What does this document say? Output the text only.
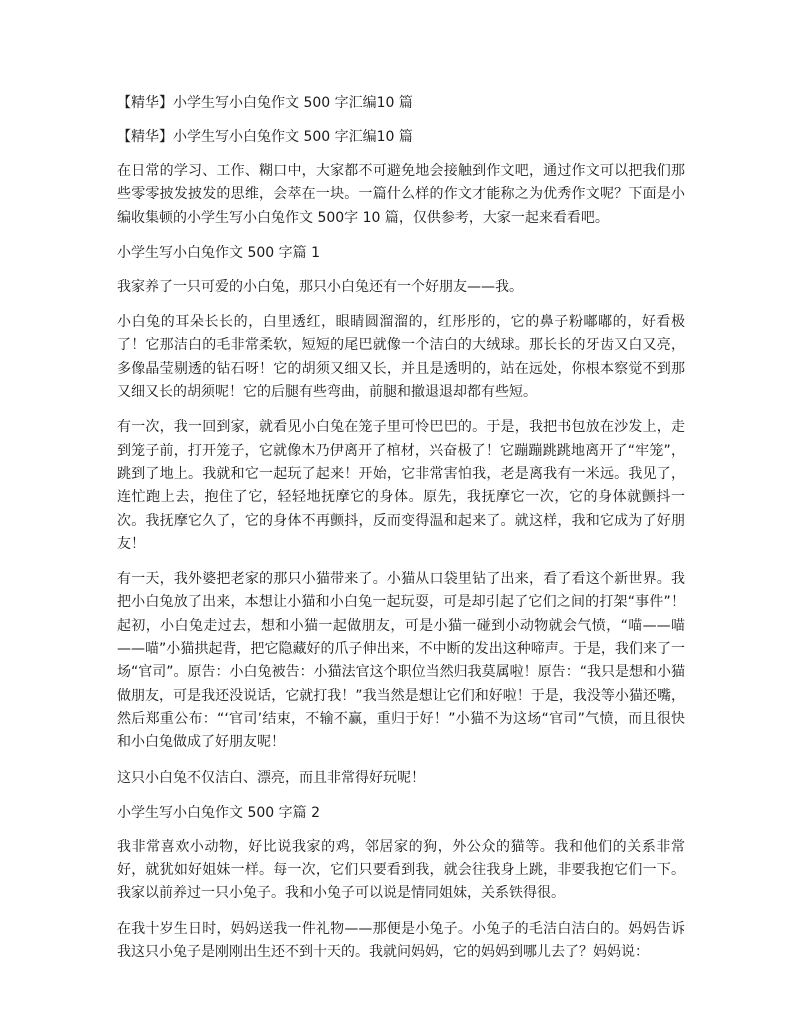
【精华】小学生写小白兔作文 500 字汇编10 篇
【精华】小学生写小白兔作文 500 字汇编10 篇

在日常的学习、工作、糊口中，大家都不可避免地会接触到作文吧，通过作文可以把我们那些零零披发披发的思维，会萃在一块。一篇什么样的作文才能称之为优秀作文呢？下面是小编收集顿的小学生写小白兔作文 500字 10 篇，仅供参考，大家一起来看看吧。

小学生写小白兔作文 500 字篇 1

我家养了一只可爱的小白兔，那只小白兔还有一个好朋友——我。

小白兔的耳朵长长的，白里透红，眼睛圆溜溜的，红彤彤的，它的鼻子粉嘟嘟的，好看极了！它那洁白的毛非常柔软，短短的尾巴就像一个洁白的大绒球。那长长的牙齿又白又亮，多像晶莹剔透的钻石呀！它的胡须又细又长，并且是透明的，站在远处，你根本察觉不到那又细又长的胡须呢！它的后腿有些弯曲，前腿和撤退退却都有些短。

有一次，我一回到家，就看见小白兔在笼子里可怜巴巴的。于是，我把书包放在沙发上，走到笼子前，打开笼子，它就像木乃伊离开了棺材，兴奋极了！它蹦蹦跳跳地离开了“牢笼”，跳到了地上。我就和它一起玩了起来！开始，它非常害怕我，老是离我有一米远。我见了，连忙跑上去，抱住了它，轻轻地抚摩它的身体。原先，我抚摩它一次，它的身体就颤抖一次。我抚摩它久了，它的身体不再颤抖，反而变得温和起来了。就这样，我和它成为了好朋友！

有一天，我外婆把老家的那只小猫带来了。小猫从口袋里钻了出来，看了看这个新世界。我把小白兔放了出来，本想让小猫和小白兔一起玩耍，可是却引起了它们之间的打架“事件”！起初，小白兔走过去，想和小猫一起做朋友，可是小猫一碰到小动物就会气愤，“喵——喵——喵”小猫拱起背，把它隐藏好的爪子伸出来，不中断的发出这种啼声。于是，我们来了一场“官司”。原告：小白兔被告：小猫法官这个职位当然归我莫属啦！原告：“我只是想和小猫做朋友，可是我还没说话，它就打我！”我当然是想让它们和好啦！于是，我没等小猫还嘴，然后郑重公布：“‘官司’结束，不输不赢，重归于好！”小猫不为这场“官司”气愤，而且很快和小白兔做成了好朋友呢！

这只小白兔不仅洁白、漂亮，而且非常得好玩呢！

小学生写小白兔作文 500 字篇 2

我非常喜欢小动物，好比说我家的鸡，邻居家的狗，外公众的猫等。我和他们的关系非常好，就犹如好姐妹一样。每一次，它们只要看到我，就会往我身上跳，非要我抱它们一下。我家以前养过一只小兔子。我和小兔子可以说是情同姐妹，关系铁得很。

在我十岁生日时，妈妈送我一件礼物——那便是小兔子。小兔子的毛洁白洁白的。妈妈告诉我这只小兔子是刚刚出生还不到十天的。我就问妈妈，它的妈妈到哪儿去了？妈妈说：
